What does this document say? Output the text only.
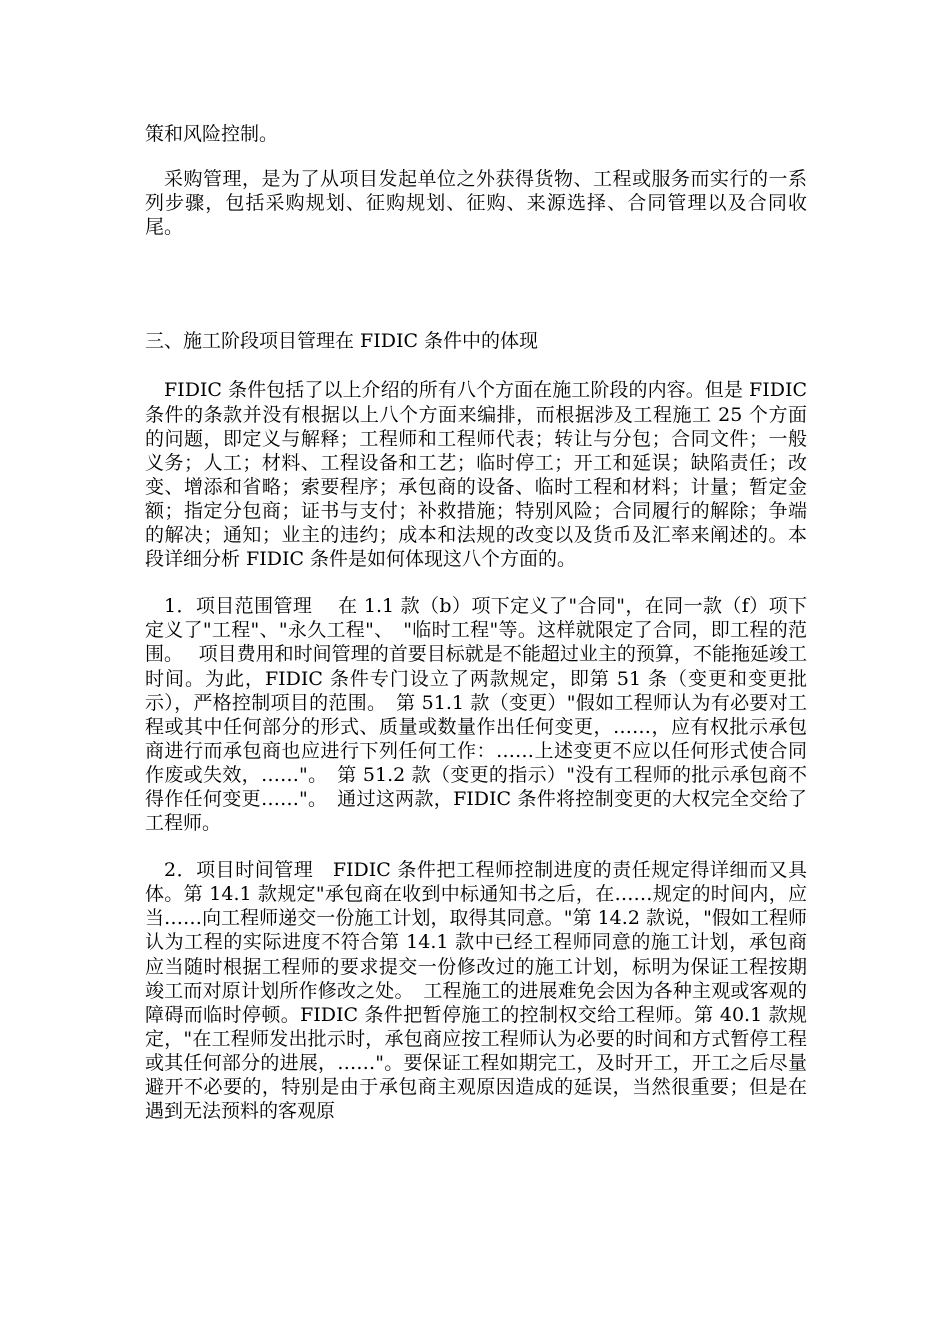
策和风险控制。

采购管理，是为了从项目发起单位之外获得货物、工程或服务而实行的一系列步骤，包括采购规划、征购规划、征购、来源选择、合同管理以及合同收尾。

三、施工阶段项目管理在 FIDIC 条件中的体现

FIDIC 条件包括了以上介绍的所有八个方面在施工阶段的内容。但是 FIDIC 条件的条款并没有根据以上八个方面来编排，而根据涉及工程施工 25 个方面的问题，即定义与解释；工程师和工程师代表；转让与分包；合同文件；一般义务；人工；材料、工程设备和工艺；临时停工；开工和延误；缺陷责任；改变、增添和省略；索要程序；承包商的设备、临时工程和材料；计量；暂定金额；指定分包商；证书与支付；补救措施；特别风险；合同履行的解除；争端的解决；通知；业主的违约；成本和法规的改变以及货币及汇率来阐述的。本段详细分析 FIDIC 条件是如何体现这八个方面的。

1．项目范围管理　 在 1.1 款（b）项下定义了"合同"，在同一款（f）项下定义了"工程"、"永久工程"、　"临时工程"等。这样就限定了合同，即工程的范围。　 项目费用和时间管理的首要目标就是不能超过业主的预算，不能拖延竣工时间。为此，FIDIC 条件专门设立了两款规定，即第 51 条（变更和变更批示），严格控制项目的范围。　第 51.1 款（变更）"假如工程师认为有必要对工程或其中任何部分的形式、质量或数量作出任何变更，……，应有权批示承包商进行而承包商也应进行下列任何工作：……上述变更不应以任何形式使合同作废或失效，……"。　第 51.2 款（变更的指示）"没有工程师的批示承包商不得作任何变更……"。　通过这两款，FIDIC 条件将控制变更的大权完全交给了工程师。

2．项目时间管理　FIDIC 条件把工程师控制进度的责任规定得详细而又具体。第 14.1 款规定"承包商在收到中标通知书之后，在……规定的时间内，应当……向工程师递交一份施工计划，取得其同意。"第 14.2 款说，"假如工程师认为工程的实际进度不符合第 14.1 款中已经工程师同意的施工计划，承包商应当随时根据工程师的要求提交一份修改过的施工计划，标明为保证工程按期竣工而对原计划所作修改之处。　工程施工的进展难免会因为各种主观或客观的障碍而临时停顿。FIDIC 条件把暂停施工的控制权交给工程师。第 40.1 款规定，"在工程师发出批示时，承包商应按工程师认为必要的时间和方式暂停工程或其任何部分的进展，……"。要保证工程如期完工，及时开工，开工之后尽量避开不必要的，特别是由于承包商主观原因造成的延误，当然很重要；但是在遇到无法预料的客观原
